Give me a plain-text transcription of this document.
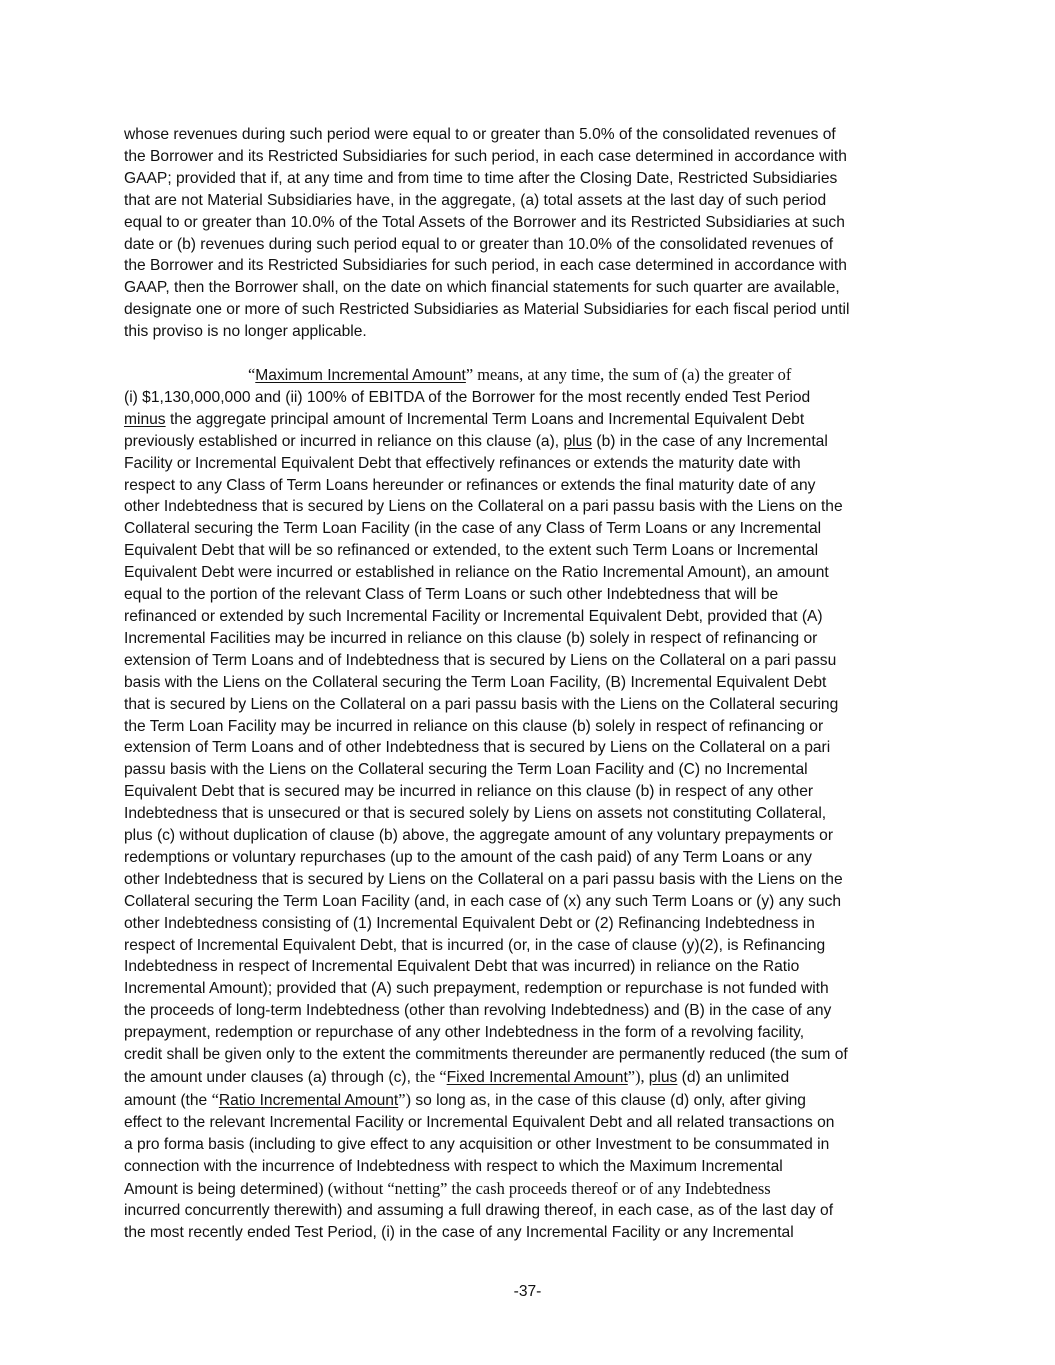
whose revenues during such period were equal to or greater than 5.0% of the consolidated revenues of
the Borrower and its Restricted Subsidiaries for such period, in each case determined in accordance with
GAAP; provided that if, at any time and from time to time after the Closing Date, Restricted Subsidiaries
that are not Material Subsidiaries have, in the aggregate, (a) total assets at the last day of such period
equal to or greater than 10.0% of the Total Assets of the Borrower and its Restricted Subsidiaries at such
date or (b) revenues during such period equal to or greater than 10.0% of the consolidated revenues of
the Borrower and its Restricted Subsidiaries for such period, in each case determined in accordance with
GAAP, then the Borrower shall, on the date on which financial statements for such quarter are available,
designate one or more of such Restricted Subsidiaries as Material Subsidiaries for each fiscal period until
this proviso is no longer applicable.
“Maximum Incremental Amount” means, at any time, the sum of (a) the greater of
(i) $1,130,000,000 and (ii) 100% of EBITDA of the Borrower for the most recently ended Test Period
minus the aggregate principal amount of Incremental Term Loans and Incremental Equivalent Debt
previously established or incurred in reliance on this clause (a), plus (b) in the case of any Incremental
Facility or Incremental Equivalent Debt that effectively refinances or extends the maturity date with
respect to any Class of Term Loans hereunder or refinances or extends the final maturity date of any
other Indebtedness that is secured by Liens on the Collateral on a pari passu basis with the Liens on the
Collateral securing the Term Loan Facility (in the case of any Class of Term Loans or any Incremental
Equivalent Debt that will be so refinanced or extended, to the extent such Term Loans or Incremental
Equivalent Debt were incurred or established in reliance on the Ratio Incremental Amount), an amount
equal to the portion of the relevant Class of Term Loans or such other Indebtedness that will be
refinanced or extended by such Incremental Facility or Incremental Equivalent Debt, provided that (A)
Incremental Facilities may be incurred in reliance on this clause (b) solely in respect of refinancing or
extension of Term Loans and of Indebtedness that is secured by Liens on the Collateral on a pari passu
basis with the Liens on the Collateral securing the Term Loan Facility, (B) Incremental Equivalent Debt
that is secured by Liens on the Collateral on a pari passu basis with the Liens on the Collateral securing
the Term Loan Facility may be incurred in reliance on this clause (b) solely in respect of refinancing or
extension of Term Loans and of other Indebtedness that is secured by Liens on the Collateral on a pari
passu basis with the Liens on the Collateral securing the Term Loan Facility and (C) no Incremental
Equivalent Debt that is secured may be incurred in reliance on this clause (b) in respect of any other
Indebtedness that is unsecured or that is secured solely by Liens on assets not constituting Collateral,
plus (c) without duplication of clause (b) above, the aggregate amount of any voluntary prepayments or
redemptions or voluntary repurchases (up to the amount of the cash paid) of any Term Loans or any
other Indebtedness that is secured by Liens on the Collateral on a pari passu basis with the Liens on the
Collateral securing the Term Loan Facility (and, in each case of (x) any such Term Loans or (y) any such
other Indebtedness consisting of (1) Incremental Equivalent Debt or (2) Refinancing Indebtedness in
respect of Incremental Equivalent Debt, that is incurred (or, in the case of clause (y)(2), is Refinancing
Indebtedness in respect of Incremental Equivalent Debt that was incurred) in reliance on the Ratio
Incremental Amount); provided that (A) such prepayment, redemption or repurchase is not funded with
the proceeds of long-term Indebtedness (other than revolving Indebtedness) and (B) in the case of any
prepayment, redemption or repurchase of any other Indebtedness in the form of a revolving facility,
credit shall be given only to the extent the commitments thereunder are permanently reduced (the sum of
the amount under clauses (a) through (c), the “Fixed Incremental Amount”), plus (d) an unlimited
amount (the “Ratio Incremental Amount”) so long as, in the case of this clause (d) only, after giving
effect to the relevant Incremental Facility or Incremental Equivalent Debt and all related transactions on
a pro forma basis (including to give effect to any acquisition or other Investment to be consummated in
connection with the incurrence of Indebtedness with respect to which the Maximum Incremental
Amount is being determined) (without “netting” the cash proceeds thereof or of any Indebtedness
incurred concurrently therewith) and assuming a full drawing thereof, in each case, as of the last day of
the most recently ended Test Period, (i) in the case of any Incremental Facility or any Incremental
-37-
